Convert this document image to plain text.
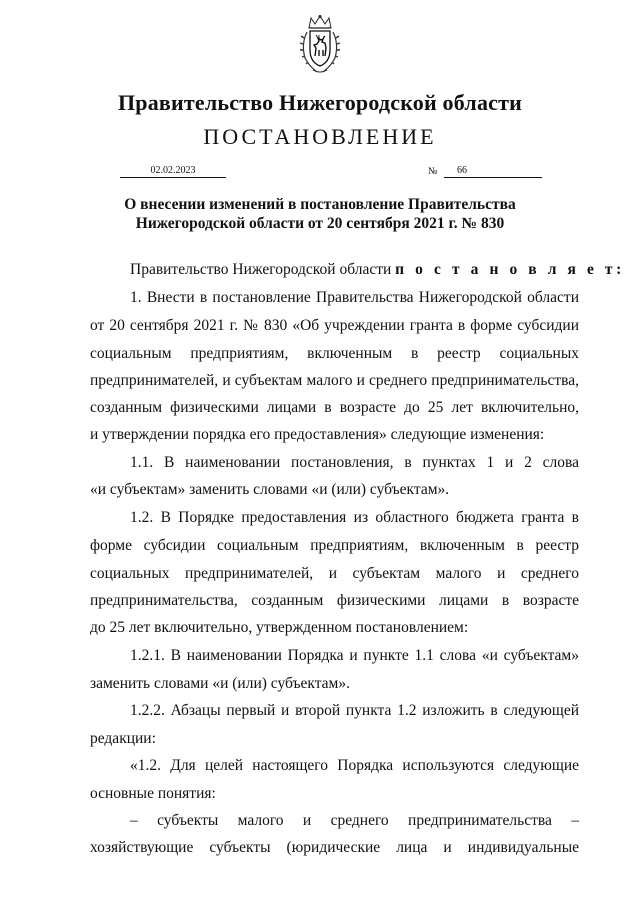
Правительство Нижегородской области
ПОСТАНОВЛЕНИЕ
02.02.2023	№	66
О внесении изменений в постановление Правительства
Нижегородской области от 20 сентября 2021 г. № 830
Правительство Нижегородской области п о с т а н о в л я е т:
1. Внести в постановление Правительства Нижегородской области
от 20 сентября 2021 г. № 830 «Об учреждении гранта в форме субсидии
социальным предприятиям, включенным в реестр социальных
предпринимателей, и субъектам малого и среднего предпринимательства,
созданным физическими лицами в возрасте до 25 лет включительно,
и утверждении порядка его предоставления» следующие изменения:
1.1. В наименовании постановления, в пунктах 1 и 2 слова
«и субъектам» заменить словами «и (или) субъектам».
1.2. В Порядке предоставления из областного бюджета гранта в
форме субсидии социальным предприятиям, включенным в реестр
социальных предпринимателей, и субъектам малого и среднего
предпринимательства, созданным физическими лицами в возрасте
до 25 лет включительно, утвержденном постановлением:
1.2.1. В наименовании Порядка и пункте 1.1 слова «и субъектам»
заменить словами «и (или) субъектам».
1.2.2. Абзацы первый и второй пункта 1.2 изложить в следующей
редакции:
«1.2. Для целей настоящего Порядка используются следующие
основные понятия:
– субъекты малого и среднего предпринимательства –
хозяйствующие субъекты (юридические лица и индивидуальные
